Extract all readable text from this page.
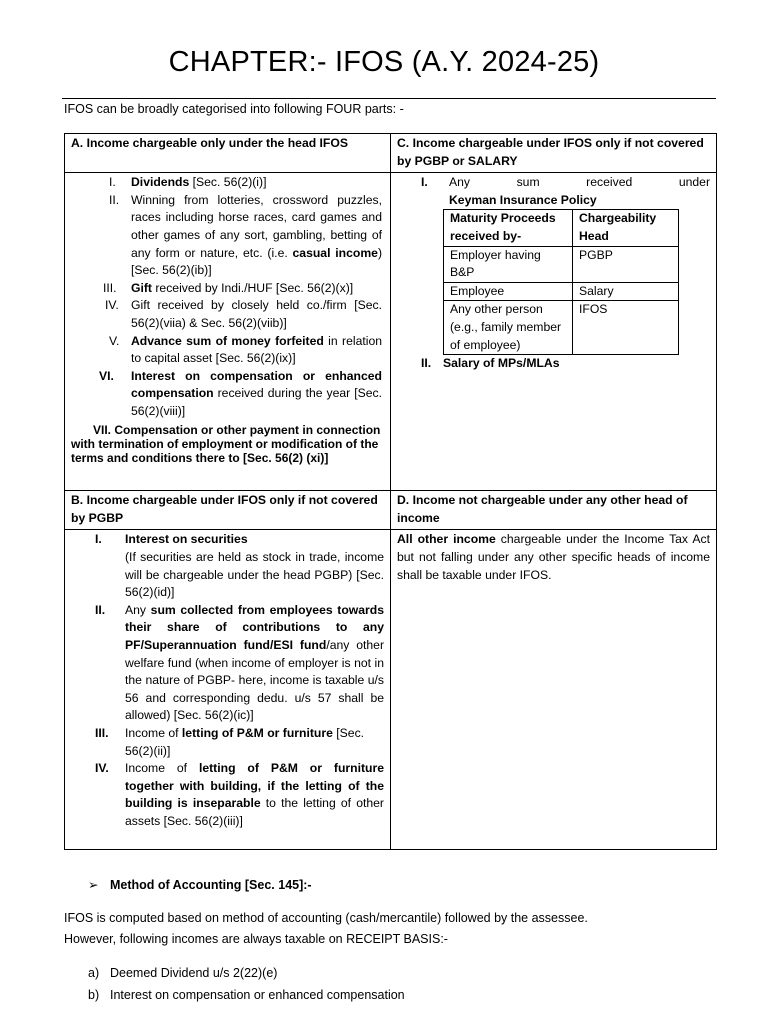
CHAPTER:- IFOS (A.Y. 2024-25)
IFOS can be broadly categorised into following FOUR parts: -
A. Income chargeable only under the head IFOS	C. Income chargeable under IFOS only if not covered by PGBP or SALARY

I.	Dividends [Sec. 56(2)(i)]
II. Winning from lotteries, crossword puzzles, races including horse races, card games and other games of any sort, gambling, betting of any form or nature, etc. (i.e. casual income)[Sec. 56(2)(ib)]
III.	Gift received by Indi./HUF [Sec. 56(2)(x)]
IV.	Gift received by closely held co./firm [Sec. 56(2)(viia) & Sec. 56(2)(viib)]
V. Advance sum of money forfeited in relation to capital asset [Sec. 56(2)(ix)]
VI.	Interest on compensation or enhanced compensation received during the year [Sec. 56(2)(viii)]
VII. Compensation or other payment in connection with termination of employment or modification of the terms and conditions there to [Sec. 56(2) (xi)]

I.	Any sum received under Keyman Insurance Policy
Maturity Proceeds received by-	Chargeability Head
Employer having B&P	PGBP
Employee	Salary
Any other person (e.g., family member of employee)	IFOS
II. Salary of MPs/MLAs

B. Income chargeable under IFOS only if not covered by PGBP	D. Income not chargeable under any other head of income

I.	Interest on securities
(If securities are held as stock in trade, income will be chargeable under the head PGBP) [Sec. 56(2)(id)]
II.	Any sum collected from employees towards their share of contributions to any PF/Superannuation fund/ESI fund/any other welfare fund (when income of employer is not in the nature of PGBP- here, income is taxable u/s 56 and corresponding dedu. u/s 57 shall be allowed) [Sec. 56(2)(ic)]
III.	Income of letting of P&M or furniture [Sec. 56(2)(ii)]
IV.	Income of letting of P&M or furniture together with building, if the letting of the building is inseparable to the letting of other assets [Sec. 56(2)(iii)]

All other income chargeable under the Income Tax Act but not falling under any other specific heads of income shall be taxable under IFOS.
➢ Method of Accounting [Sec. 145]:-
IFOS is computed based on method of accounting (cash/mercantile) followed by the assessee.
However, following incomes are always taxable on RECEIPT BASIS:-
a) Deemed Dividend u/s 2(22)(e)
b) Interest on compensation or enhanced compensation
